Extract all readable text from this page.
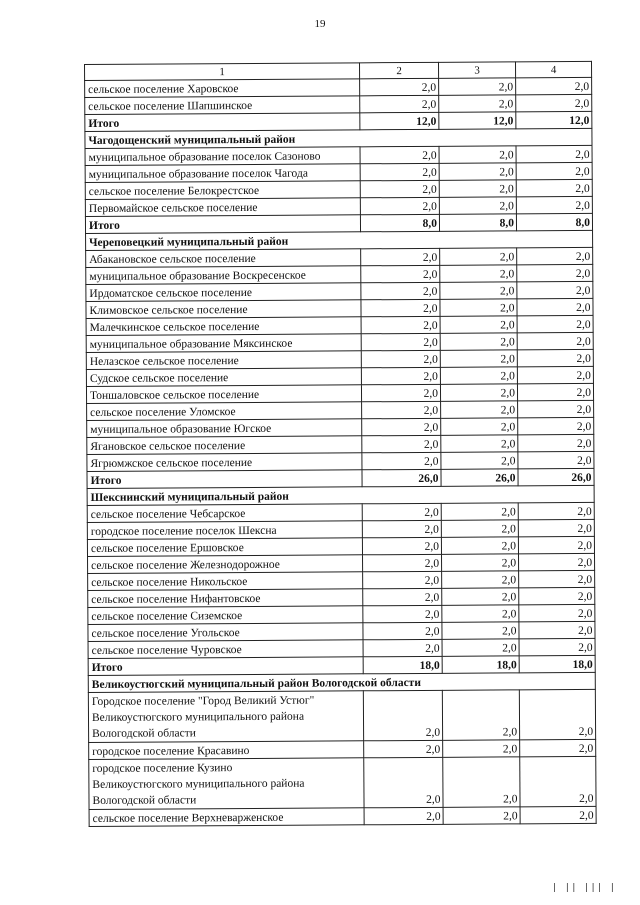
19
1	2	3	4
сельское поселение Харовское	2,0	2,0	2,0
сельское поселение Шапшинское	2,0	2,0	2,0
Итого	12,0	12,0	12,0
Чагодощенский муниципальный район			
муниципальное образование поселок Сазоново	2,0	2,0	2,0
муниципальное образование поселок Чагода	2,0	2,0	2,0
сельское поселение Белокрестское	2,0	2,0	2,0
Первомайское сельское поселение	2,0	2,0	2,0
Итого	8,0	8,0	8,0
Череповецкий муниципальный район			
Абакановское сельское поселение	2,0	2,0	2,0
муниципальное образование Воскресенское	2,0	2,0	2,0
Ирдоматское сельское поселение	2,0	2,0	2,0
Климовское сельское поселение	2,0	2,0	2,0
Малечкинское сельское поселение	2,0	2,0	2,0
муниципальное образование Мяксинское	2,0	2,0	2,0
Нелазское сельское поселение	2,0	2,0	2,0
Судское сельское поселение	2,0	2,0	2,0
Тоншаловское сельское поселение	2,0	2,0	2,0
сельское поселение Уломское	2,0	2,0	2,0
муниципальное образование Югское	2,0	2,0	2,0
Ягановское сельское поселение	2,0	2,0	2,0
Ягрюмжское сельское поселение	2,0	2,0	2,0
Итого	26,0	26,0	26,0
Шекснинский муниципальный район			
сельское поселение Чебсарское	2,0	2,0	2,0
городское поселение поселок Шексна	2,0	2,0	2,0
сельское поселение Ершовское	2,0	2,0	2,0
сельское поселение Железнодорожное	2,0	2,0	2,0
сельское поселение Никольское	2,0	2,0	2,0
сельское поселение Нифантовское	2,0	2,0	2,0
сельское поселение Сиземское	2,0	2,0	2,0
сельское поселение Угольское	2,0	2,0	2,0
сельское поселение Чуровское	2,0	2,0	2,0
Итого	18,0	18,0	18,0
Великоустюгский муниципальный район Вологодской области			

Городское поселение "Город Великий Устюг"
Великоустюгского муниципального района
Вологодской области	2,0	2,0	2,0
городское поселение Красавино	2,0	2,0	2,0

городское поселение Кузино
Великоустюгского муниципального района
Вологодской области	2,0	2,0	2,0
сельское поселение Верхневарженское	2,0	2,0	2,0
| || ||| |
